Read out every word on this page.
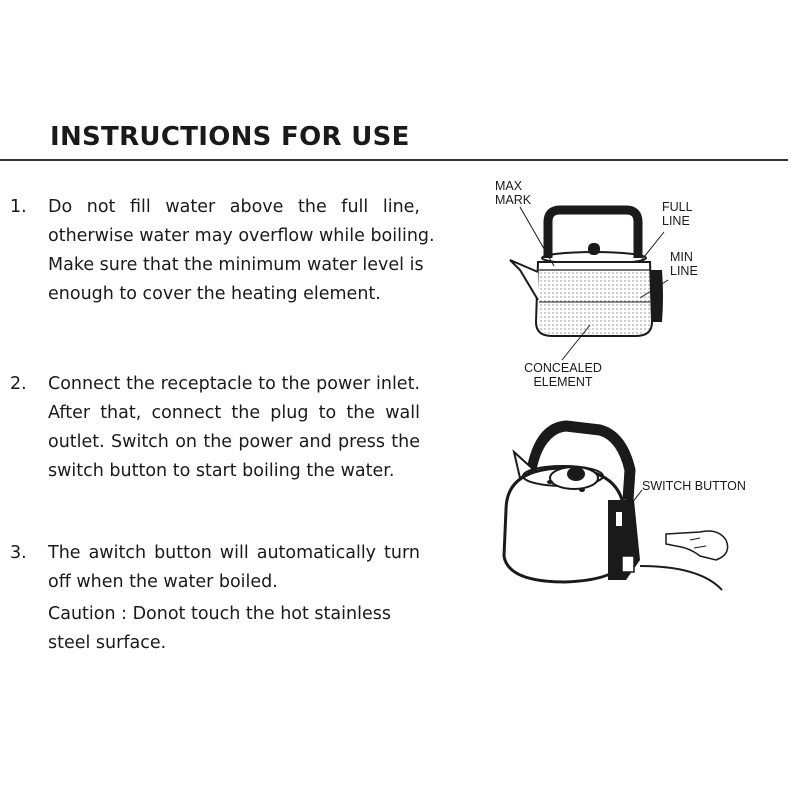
INSTRUCTIONS FOR USE
1. Do not fill water above the full line,
otherwise water may overflow while boiling.
Make sure that the minimum water level is
enough to cover the heating element.
2. Connect the receptacle to the power inlet.
After that, connect the plug to the wall
outlet. Switch on the power and press the
switch button to start boiling the water.
3. The awitch button will automatically turn
off when the water boiled.
Caution : Donot touch the hot stainless
steel surface.
MAX
MARK	FULL
LINE
MIN
LINE
CONCEALED
ELEMENT
SWITCH BUTTON
